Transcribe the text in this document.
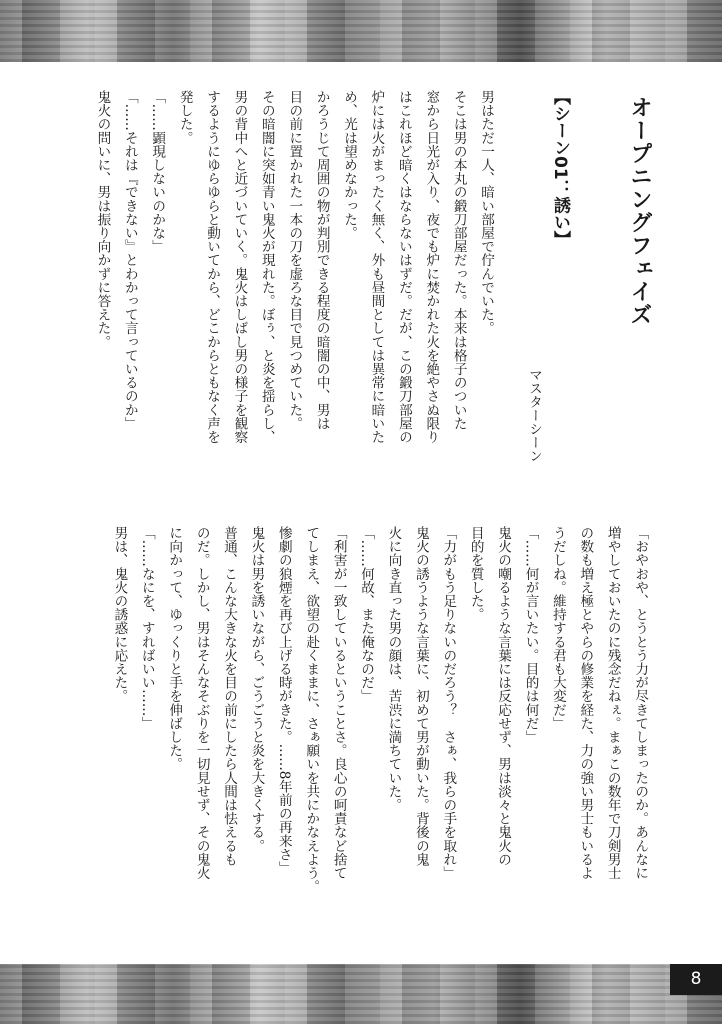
オープニングフェイズ
【シーン01：誘い】
マスターシーン
男はただ一人、暗い部屋で佇んでいた。
そこは男の本丸の鍛刀部屋だった。本来は格子のついた
窓から日光が入り、夜でも炉に焚かれた火を絶やさぬ限り
はこれほど暗くはならないはずだ。だが、この鍛刀部屋の
炉には火がまったく無く、外も昼間としては異常に暗いた
め、光は望めなかった。
かろうじて周囲の物が判別できる程度の暗闇の中、男は
目の前に置かれた一本の刀を虚ろな目で見つめていた。
その暗闇に突如青い鬼火が現れた。ぼぅ、と炎を揺らし、
男の背中へと近づいていく。鬼火はしばし男の様子を観察
するようにゆらゆらと動いてから、どこからともなく声を
発した。
「……顕現しないのかな」
「……それは『できない』とわかって言っているのか」
鬼火の問いに、男は振り向かずに答えた。
「おやおや、とうとう力が尽きてしまったのか。あんなに
増やしておいたのに残念だねぇ。まぁこの数年で刀剣男士
の数も増え極とやらの修業を経た、力の強い男士もいるよ
うだしね。維持する君も大変だ」
「……何が言いたい。目的は何だ」
鬼火の嘲るような言葉には反応せず、男は淡々と鬼火の
目的を質した。
「力がもう足りないのだろう？　さぁ、我らの手を取れ」
鬼火の誘うような言葉に、初めて男が動いた。背後の鬼
火に向き直った男の顔は、苦渋に満ちていた。
「……何故、また俺なのだ」
「利害が一致しているということさ。良心の呵責など捨て
てしまえ、欲望の赴くままに、さぁ願いを共にかなえよう。
惨劇の狼煙を再び上げる時がきた。……8年前の再来さ」
鬼火は男を誘いながら、ごうごうと炎を大きくする。
普通、こんな大きな火を目の前にしたら人間は怯えるも
のだ。しかし、男はそんなそぶりを一切見せず、その鬼火
に向かって、ゆっくりと手を伸ばした。
「……なにを、すればいい……」
男は、鬼火の誘惑に応えた。
8
